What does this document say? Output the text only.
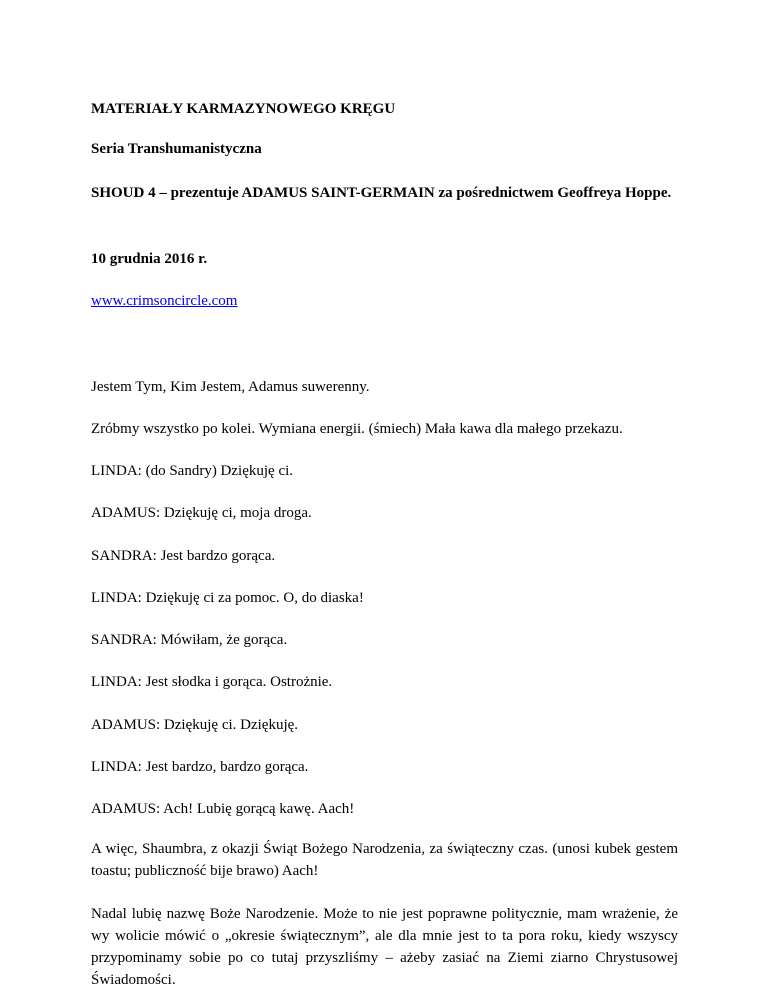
MATERIAŁY KARMAZYNOWEGO KRĘGU

Seria Transhumanistyczna

SHOUD 4 – prezentuje ADAMUS SAINT-GERMAIN za pośrednictwem Geoffreya Hoppe.

10 grudnia 2016 r.

www.crimsoncircle.com

Jestem Tym, Kim Jestem, Adamus suwerenny.

Zróbmy wszystko po kolei. Wymiana energii. (śmiech) Mała kawa dla małego przekazu.

LINDA: (do Sandry) Dziękuję ci.

ADAMUS: Dziękuję ci, moja droga.

SANDRA: Jest bardzo gorąca.

LINDA: Dziękuję ci za pomoc. O, do diaska!

SANDRA: Mówiłam, że gorąca.

LINDA: Jest słodka i gorąca. Ostrożnie.

ADAMUS: Dziękuję ci. Dziękuję.

LINDA: Jest bardzo, bardzo gorąca.

ADAMUS: Ach! Lubię gorącą kawę. Aach!

A więc, Shaumbra, z okazji Świąt Bożego Narodzenia, za świąteczny czas. (unosi kubek gestem toastu; publiczność bije brawo) Aach!

Nadal lubię nazwę Boże Narodzenie. Może to nie jest poprawne politycznie, mam wrażenie, że wy wolicie mówić o „okresie świątecznym”, ale dla mnie jest to ta pora roku, kiedy wszyscy przypominamy sobie po co tutaj przyszliśmy – ażeby zasiać na Ziemi ziarno Chrystusowej Świadomości.
